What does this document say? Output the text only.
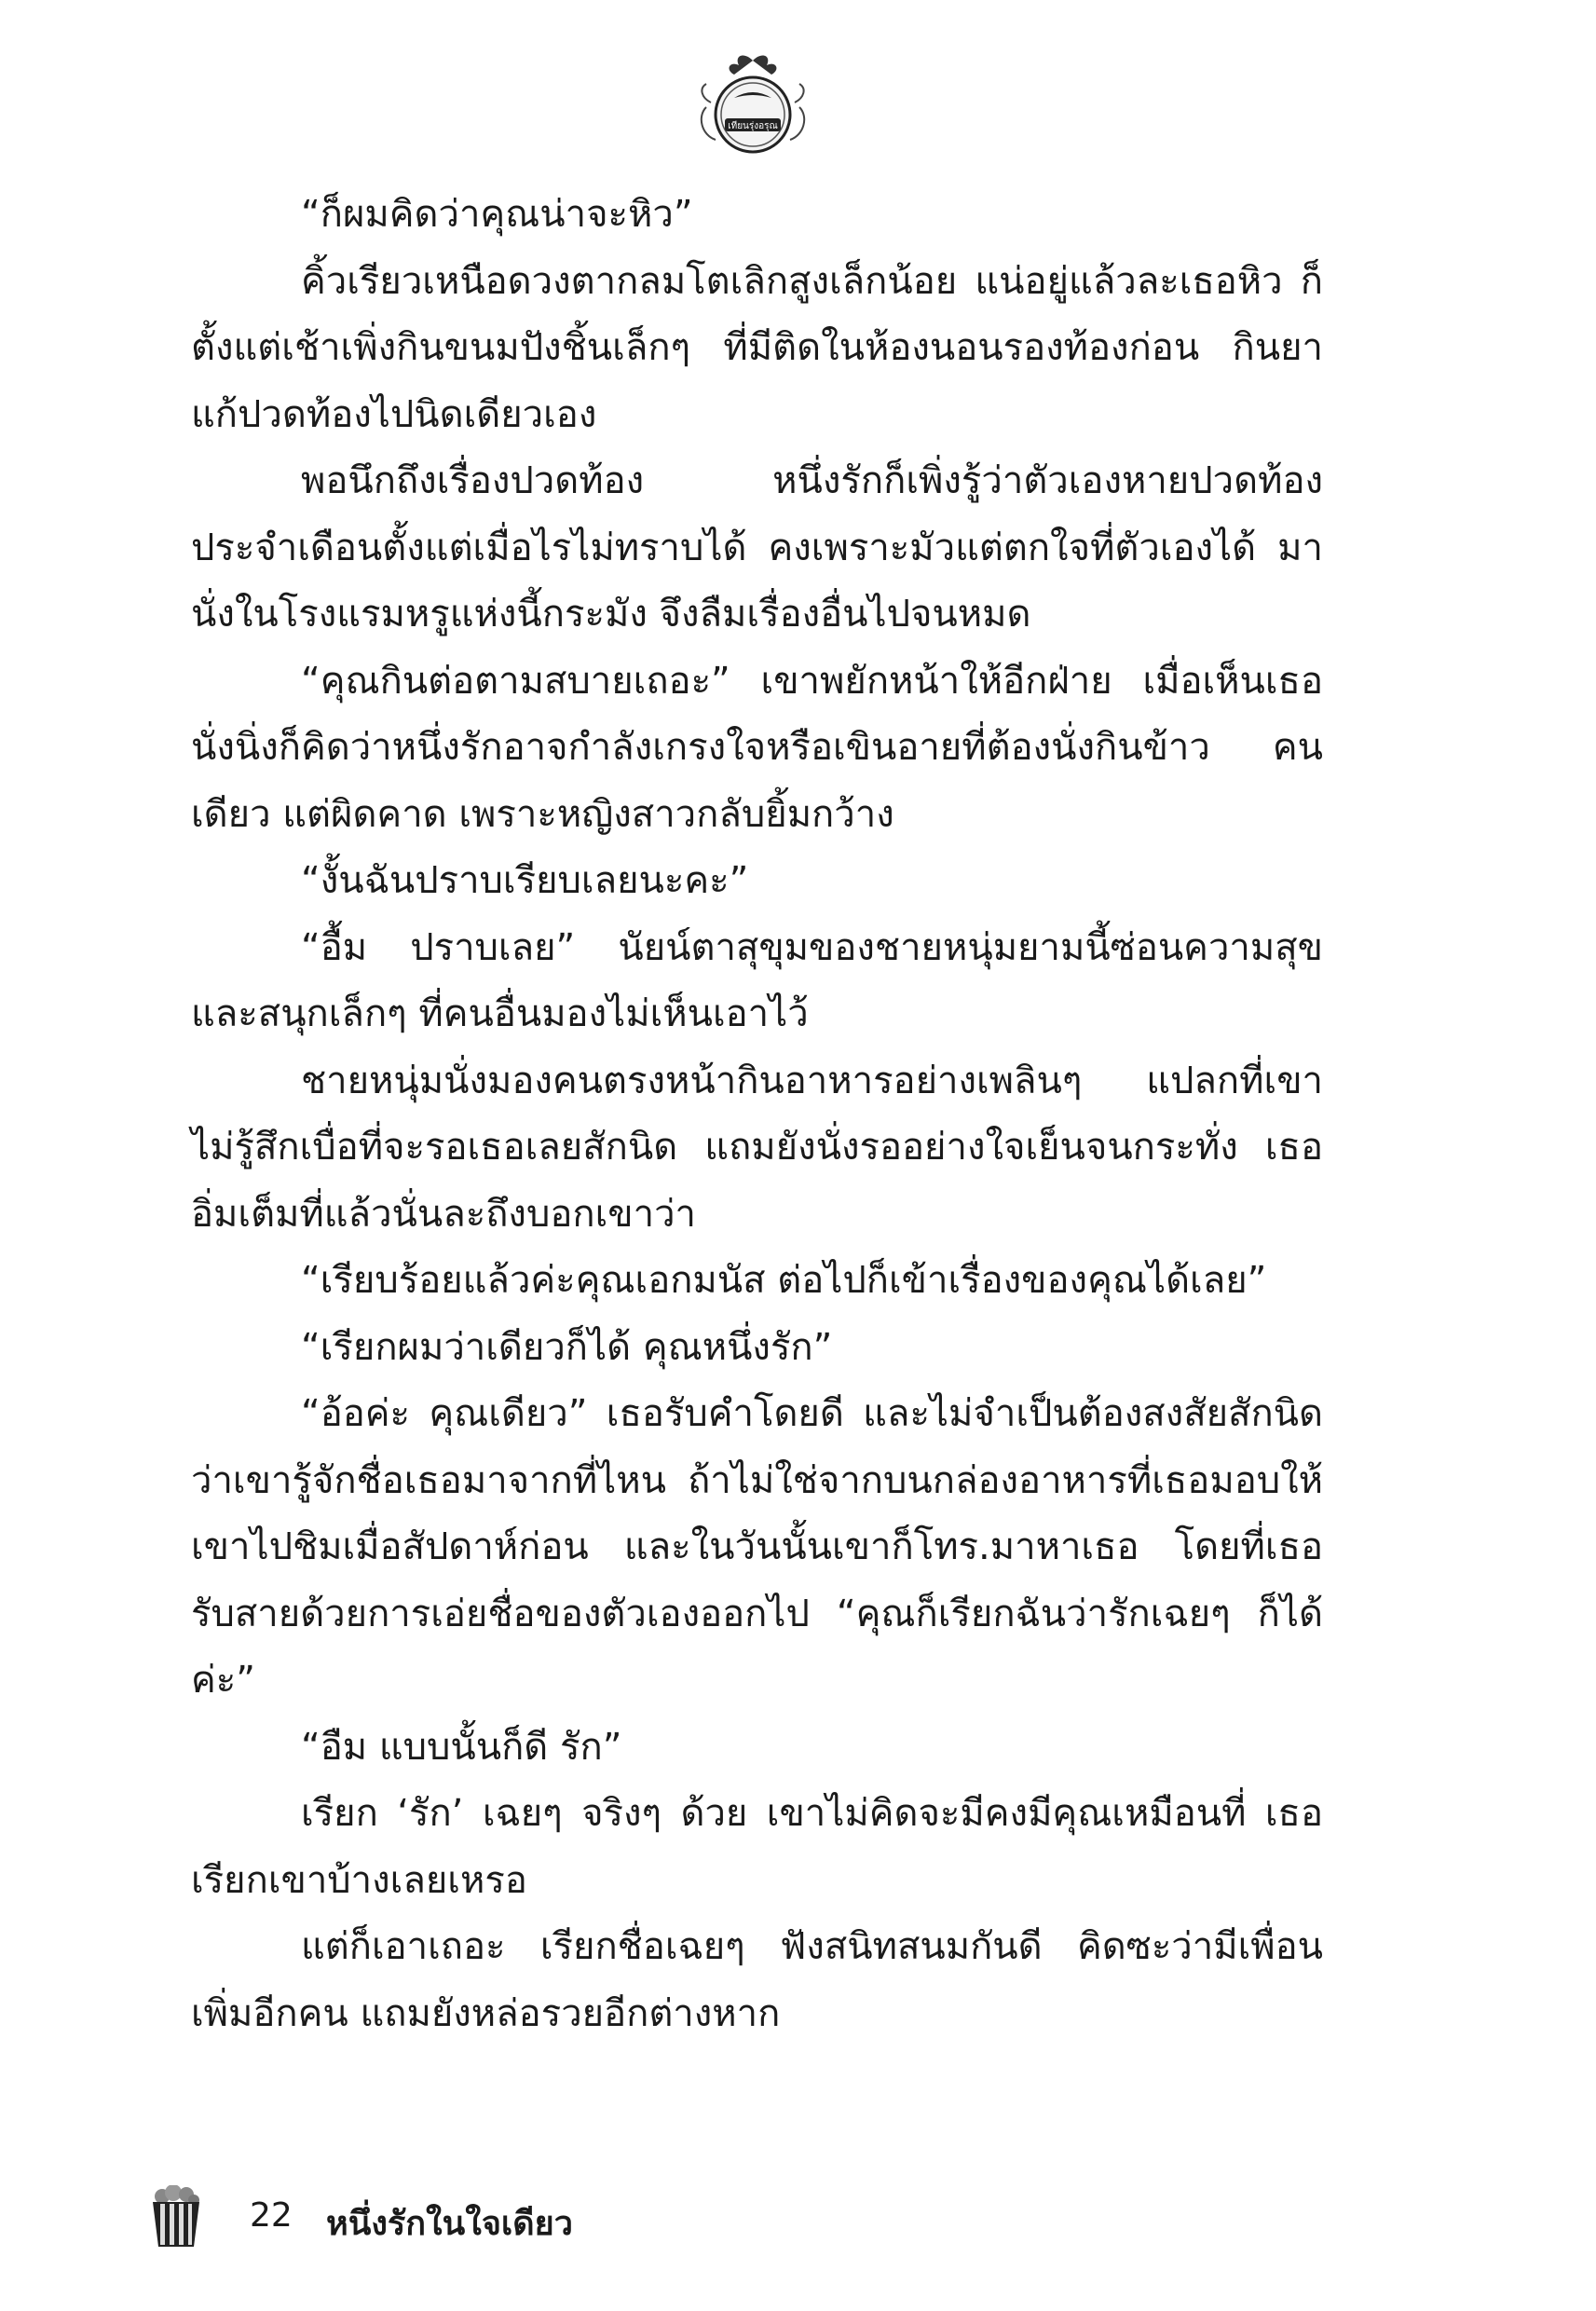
เทียนรุ่งอรุณ

“ก็ผมคิดว่าคุณน่าจะหิว”

คิ้วเรียวเหนือดวงตากลมโตเลิกสูงเล็กน้อย แน่อยู่แล้วละเธอหิว ก็ตั้งแต่เช้าเพิ่งกินขนมปังชิ้นเล็กๆ ที่มีติดในห้องนอนรองท้องก่อน กินยาแก้ปวดท้องไปนิดเดียวเอง

พอนึกถึงเรื่องปวดท้อง หนึ่งรักก็เพิ่งรู้ว่าตัวเองหายปวดท้อง ประจำเดือนตั้งแต่เมื่อไรไม่ทราบได้ คงเพราะมัวแต่ตกใจที่ตัวเองได้ มานั่งในโรงแรมหรูแห่งนี้กระมัง จึงลืมเรื่องอื่นไปจนหมด

“คุณกินต่อตามสบายเถอะ” เขาพยักหน้าให้อีกฝ่าย เมื่อเห็นเธอ นั่งนิ่งก็คิดว่าหนึ่งรักอาจกำลังเกรงใจหรือเขินอายที่ต้องนั่งกินข้าว คนเดียว แต่ผิดคาด เพราะหญิงสาวกลับยิ้มกว้าง

“งั้นฉันปราบเรียบเลยนะคะ”

“อื้ม ปราบเลย” นัยน์ตาสุขุมของชายหนุ่มยามนี้ซ่อนความสุข และสนุกเล็กๆ ที่คนอื่นมองไม่เห็นเอาไว้

ชายหนุ่มนั่งมองคนตรงหน้ากินอาหารอย่างเพลินๆ แปลกที่เขา ไม่รู้สึกเบื่อที่จะรอเธอเลยสักนิด แถมยังนั่งรออย่างใจเย็นจนกระทั่ง เธออิ่มเต็มที่แล้วนั่นละถึงบอกเขาว่า

“เรียบร้อยแล้วค่ะคุณเอกมนัส ต่อไปก็เข้าเรื่องของคุณได้เลย”

“เรียกผมว่าเดียวก็ได้ คุณหนึ่งรัก”

“อ้อค่ะ คุณเดียว” เธอรับคำโดยดี และไม่จำเป็นต้องสงสัยสักนิด ว่าเขารู้จักชื่อเธอมาจากที่ไหน ถ้าไม่ใช่จากบนกล่องอาหารที่เธอมอบให้ เขาไปชิมเมื่อสัปดาห์ก่อน และในวันนั้นเขาก็โทร.มาหาเธอ โดยที่เธอ รับสายด้วยการเอ่ยชื่อของตัวเองออกไป “คุณก็เรียกฉันว่ารักเฉยๆ ก็ได้ค่ะ”

“อืม แบบนั้นก็ดี รัก”

เรียก ‘รัก’ เฉยๆ จริงๆ ด้วย เขาไม่คิดจะมีคงมีคุณเหมือนที่ เธอเรียกเขาบ้างเลยเหรอ

แต่ก็เอาเถอะ เรียกชื่อเฉยๆ ฟังสนิทสนมกันดี คิดซะว่ามีเพื่อน เพิ่มอีกคน แถมยังหล่อรวยอีกต่างหาก

22 หนึ่งรักในใจเดียว
